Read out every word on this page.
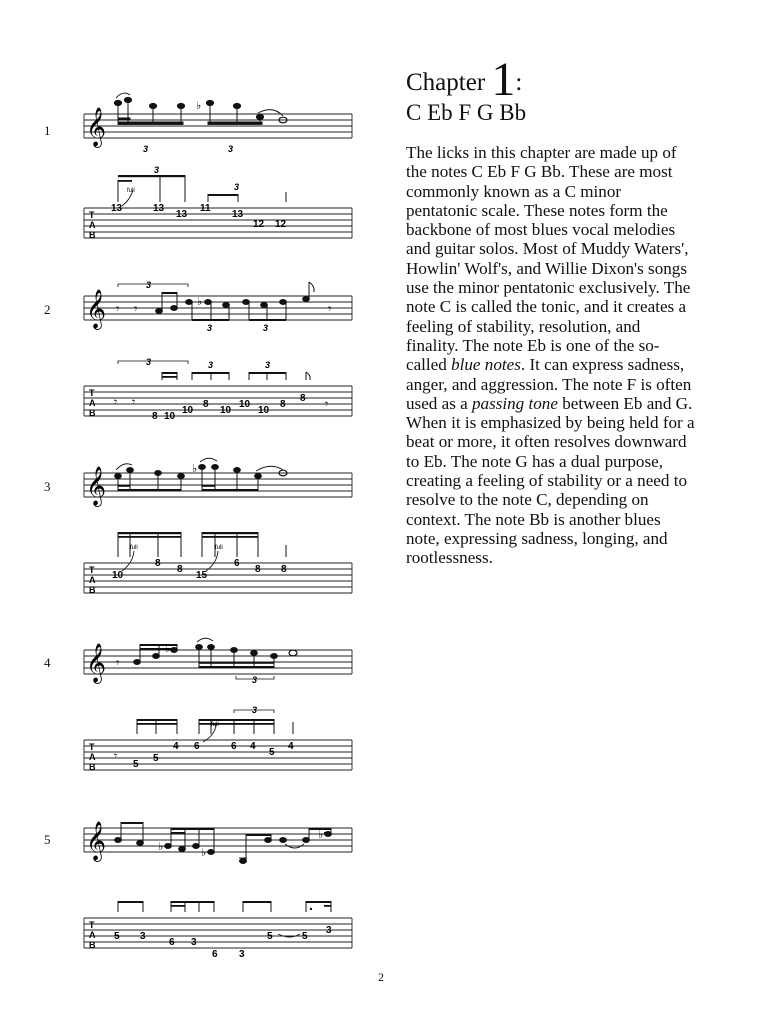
1
2
3
4
5
𝄞
♭
T
A
B
13	13
13
11
13
12 12
full
3
3	3
3
𝄞 𝄾 𝄾	♭	𝄾
3
3	3
T
A
B
𝄾 𝄾
8 10
10
8
10
10
10
8
8 𝄾
3	3	3
𝄞	♭
T
A
B
10
8
8
15
6
8 8
full	full
𝄞 𝄾
♭
3
T
A
B
𝄾
5
5
4 6	6 4
5
4
full
3
𝄞	♭	♭
♭
T
A
B
5 3
6 3
6 3
5	5
3
Chapter 1:
C Eb F G Bb

The licks in this chapter are made up of the notes C Eb F G Bb. These are most commonly known as a C minor pentatonic scale. These notes form the backbone of most blues vocal melodies and guitar solos. Most of Muddy Waters', Howlin' Wolf's, and Willie Dixon's songs use the minor pentatonic exclusively. The note C is called the tonic, and it creates a feeling of stability, resolution, and finality. The note Eb is one of the so-called blue notes. It can express sadness, anger, and aggression. The note F is often used as a passing tone between Eb and G. When it is emphasized by being held for a beat or more, it often resolves downward to Eb. The note G has a dual purpose, creating a feeling of stability or a need to resolve to the note C, depending on context. The note Bb is another blues note, expressing sadness, longing, and rootlessness.

2
